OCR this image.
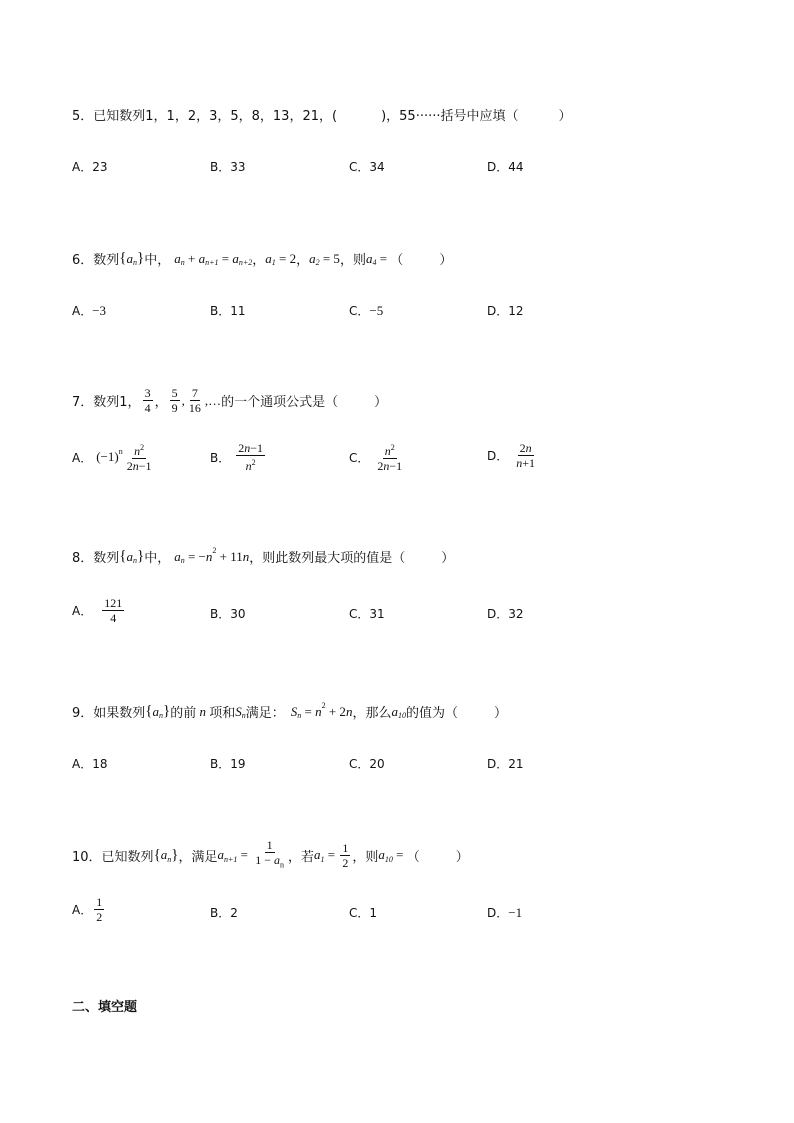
5． 已知数列1，1，2，3，5，8，13，21，(	)，55······括号中应填（	）
A． 23	B． 33	C． 34	D． 44
6． 数列 { a n } 中， a n + a n+1 = a n+2 ， a 1 = 2 ， a 2 = 5 ，则 a 4 = （	）
A． −3	B． 11	C． −5	D． 12
7． 数列1， $\frac{3}{4}$ ， $\frac{5}{9}$ , $\frac{7}{16}$ ,… 的一个通项公式是（	）
A． (−1) n $\frac{n^2}{2n-1}$	B． $\frac{2n-1}{n^2}$	C． $\frac{n^2}{2n-1}$	D． $\frac{2n}{n+1}$
8． 数列 { a n } 中， a n = − n 2 + 11 n ，则此数列最大项的值是（	）
A． $\frac{121}{4}$	B． 30	C． 31	D． 32
9． 如果数列 { a n } 的前 n 项和 S n 满足： S n = n 2 + 2 n ，那么 a 10 的值为（	）
A． 18	B． 19	C． 20	D． 21
10． 已知数列 { a n } ，满足 a $n+1 = \frac{1}{1 - a_n}$ ，若 a $1 = \frac{1}{2}$ ，则 a 10 = （	）
A． $\frac{1}{2}$	B． 2	C． 1	D． −1
二、填空题
